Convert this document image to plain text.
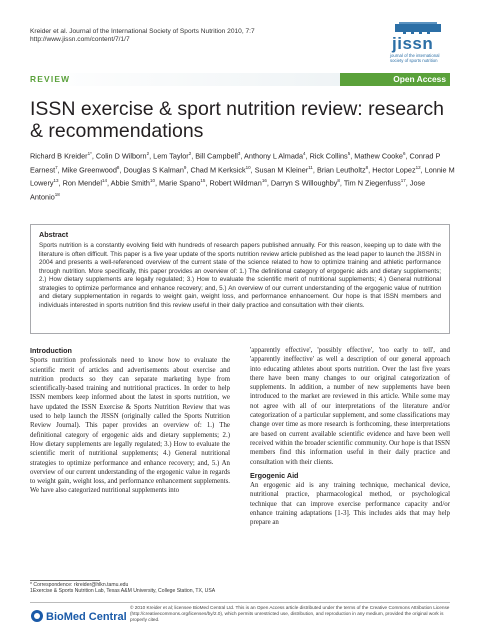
Kreider et al. Journal of the International Society of Sports Nutrition 2010, 7:7
http://www.jissn.com/content/7/1/7	jissn
journal of the international society of sports nutrition
REVIEW	Open Access
ISSN exercise & sport nutrition review: research & recommendations
Richard B Kreider$^{1*}$, Colin D Wilborn$^2$, Lem Taylor$^2$, Bill Campbell$^3$, Anthony L Almada$^4$, Rick Collins$^5$, Mathew Cooke$^6$, Conrad P Earnest$^7$, Mike Greenwood$^8$, Douglas S Kalman$^9$, Chad M Kerksick$^{10}$, Susan M Kleiner$^{11}$, Brian Leutholtz$^8$, Hector Lopez$^{12}$, Lonnie M Lowery$^{13}$, Ron Mendel$^{14}$, Abbie Smith$^{10}$, Marie Spano$^{15}$, Robert Wildman$^{16}$, Darryn S Willoughby$^8$, Tim N Ziegenfuss$^{17}$, Jose Antonio$^{18}$
Abstract

Sports nutrition is a constantly evolving field with hundreds of research papers published annually. For this reason, keeping up to date with the literature is often difficult. This paper is a five year update of the sports nutrition review article published as the lead paper to launch the JISSN in 2004 and presents a well-referenced overview of the current state of the science related to how to optimize training and athletic performance through nutrition. More specifically, this paper provides an overview of: 1.) The definitional category of ergogenic aids and dietary supplements; 2.) How dietary supplements are legally regulated; 3.) How to evaluate the scientific merit of nutritional supplements; 4.) General nutritional strategies to optimize performance and enhance recovery; and, 5.) An overview of our current understanding of the ergogenic value of nutrition and dietary supplementation in regards to weight gain, weight loss, and performance enhancement. Our hope is that ISSN members and individuals interested in sports nutrition find this review useful in their daily practice and consultation with their clients.

Introduction

Sports nutrition professionals need to know how to evaluate the scientific merit of articles and advertisements about exercise and nutrition products so they can separate marketing hype from scientifically-based training and nutritional practices. In order to help ISSN members keep informed about the latest in sports nutrition, we have updated the ISSN Exercise & Sports Nutrition Review that was used to help launch the JISSN (originally called the Sports Nutrition Review Journal). This paper provides an overview of: 1.) The definitional category of ergogenic aids and dietary supplements; 2.) How dietary supplements are legally regulated; 3.) How to evaluate the scientific merit of nutritional supplements; 4.) General nutritional strategies to optimize performance and enhance recovery; and, 5.) An overview of our current understanding of the ergogenic value in regards to weight gain, weight loss, and performance enhancement supplements. We have also categorized nutritional supplements into

'apparently effective', 'possibly effective', 'too early to tell', and 'apparently ineffective' as well a description of our general approach into educating athletes about sports nutrition. Over the last five years there have been many changes to our original categorization of supplements. In addition, a number of new supplements have been introduced to the market are reviewed in this article. While some may not agree with all of our interpretations of the literature and/or categorization of a particular supplement, and some classifications may change over time as more research is forthcoming, these interpretations are based on current available scientific evidence and have been well received within the broader scientific community. Our hope is that ISSN members find this information useful in their daily practice and consultation with their clients.

Ergogenic Aid

An ergogenic aid is any training technique, mechanical device, nutritional practice, pharmacological method, or psychological technique that can improve exercise performance capacity and/or enhance training adaptations [1-3]. This includes aids that may help prepare an

* Correspondence: rkreider@hlkn.tamu.edu
1Exercise & Sports Nutrition Lab, Texas A&M University, College Station, TX, USA
BioMed Central
© 2010 Kreider et al; licensee BioMed Central Ltd. This is an Open Access article distributed under the terms of the Creative Commons Attribution License (http://creativecommons.org/licenses/by/2.0), which permits unrestricted use, distribution, and reproduction in any medium, provided the original work is properly cited.
